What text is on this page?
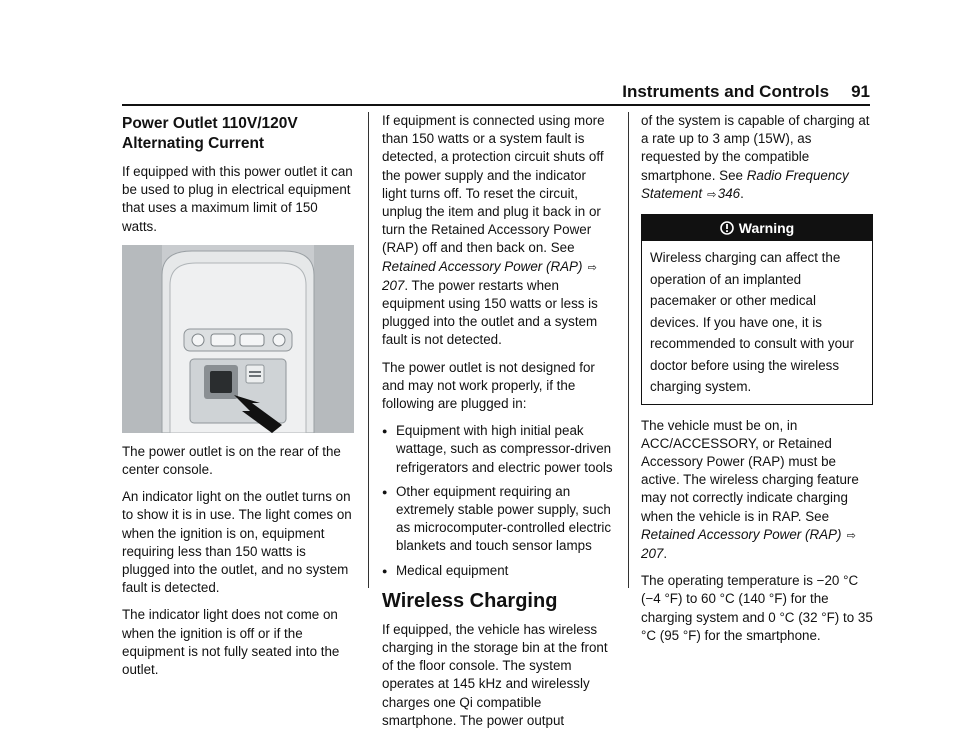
Instruments and Controls 91
Power Outlet 110V/120V Alternating Current

If equipped with this power outlet it can be used to plug in electrical equipment that uses a maximum limit of 150 watts.

The power outlet is on the rear of the center console.

An indicator light on the outlet turns on to show it is in use. The light comes on when the ignition is on, equipment requiring less than 150 watts is plugged into the outlet, and no system fault is detected.

The indicator light does not come on when the ignition is off or if the equipment is not fully seated into the outlet.

If equipment is connected using more than 150 watts or a system fault is detected, a protection circuit shuts off the power supply and the indicator light turns off. To reset the circuit, unplug the item and plug it back in or turn the Retained Accessory Power (RAP) off and then back on. See Retained Accessory Power (RAP) ⇨207. The power restarts when equipment using 150 watts or less is plugged into the outlet and a system fault is not detected.

The power outlet is not designed for and may not work properly, if the following are plugged in:

● Equipment with high initial peak wattage, such as compressor-driven refrigerators and electric power tools
● Other equipment requiring an extremely stable power supply, such as microcomputer-controlled electric blankets and touch sensor lamps
● Medical equipment
Wireless Charging

If equipped, the vehicle has wireless charging in the storage bin at the front of the floor console. The system operates at 145 kHz and wirelessly charges one Qi compatible smartphone. The power output

of the system is capable of charging at a rate up to 3 amp (15W), as requested by the compatible smartphone. See Radio Frequency Statement ⇨346.

Warning
Wireless charging can affect the operation of an implanted pacemaker or other medical devices. If you have one, it is recommended to consult with your doctor before using the wireless charging system.

The vehicle must be on, in ACC/ACCESSORY, or Retained Accessory Power (RAP) must be active. The wireless charging feature may not correctly indicate charging when the vehicle is in RAP. See Retained Accessory Power (RAP) ⇨207.

The operating temperature is −20 °C (−4 °F) to 60 °C (140 °F) for the charging system and 0 °C (32 °F) to 35 °C (95 °F) for the smartphone.
